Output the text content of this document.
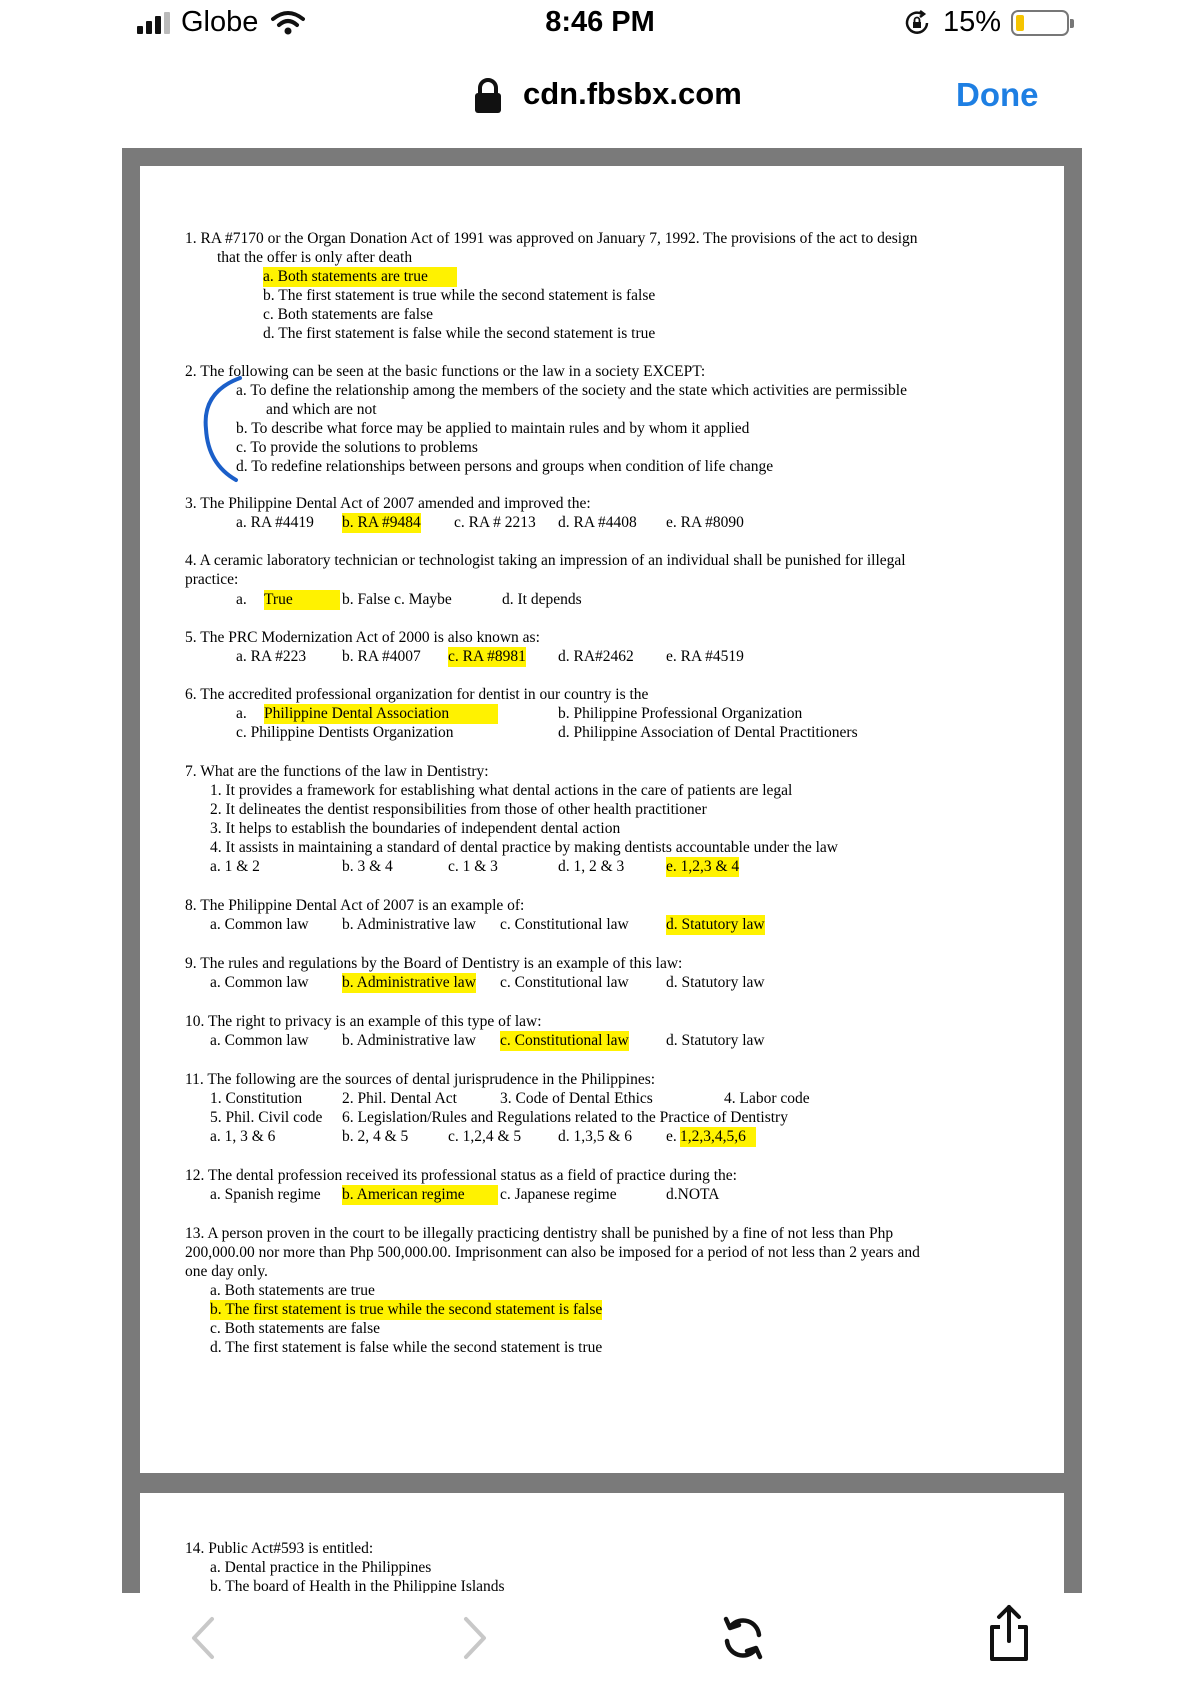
Globe	8:46 PM	15%
cdn.fbsbx.com	Done
1. RA #7170 or the Organ Donation Act of 1991 was approved on January 7, 1992. The provisions of the act to design
that the offer is only after death
a. Both statements are true
b. The first statement is true while the second statement is false
c. Both statements are false
d. The first statement is false while the second statement is true
2. The following can be seen at the basic functions or the law in a society EXCEPT:
a. To define the relationship among the members of the society and the state which activities are permissible
and which are not
b. To describe what force may be applied to maintain rules and by whom it applied
c. To provide the solutions to problems
d. To redefine relationships between persons and groups when condition of life change
3. The Philippine Dental Act of 2007 amended and improved the:
a. RA #4419 b. RA #9484 c. RA # 2213 d. RA #4408 e. RA #8090
4. A ceramic laboratory technician or technologist taking an impression of an individual shall be punished for illegal
practice:
a. True	b. False c. Maybe	d. It depends
5. The PRC Modernization Act of 2000 is also known as:
a. RA #223 b. RA #4007 c. RA #8981 d. RA#2462 e. RA #4519
6. The accredited professional organization for dentist in our country is the
a. Philippine Dental Association	b. Philippine Professional Organization
c. Philippine Dentists Organization	d. Philippine Association of Dental Practitioners
7. What are the functions of the law in Dentistry:
1. It provides a framework for establishing what dental actions in the care of patients are legal
2. It delineates the dentist responsibilities from those of other health practitioner
3. It helps to establish the boundaries of independent dental action
4. It assists in maintaining a standard of dental practice by making dentists accountable under the law
a. 1 & 2	b. 3 & 4	c. 1 & 3	d. 1, 2 & 3	e. 1,2,3 & 4
8. The Philippine Dental Act of 2007 is an example of:
a. Common law b. Administrative law c. Constitutional law d. Statutory law
9. The rules and regulations by the Board of Dentistry is an example of this law:
a. Common law b. Administrative law c. Constitutional law d. Statutory law
10. The right to privacy is an example of this type of law:
a. Common law b. Administrative law c. Constitutional law d. Statutory law
11. The following are the sources of dental jurisprudence in the Philippines:
1. Constitution	2. Phil. Dental Act	3. Code of Dental Ethics	4. Labor code
5. Phil. Civil code 6. Legislation/Rules and Regulations related to the Practice of Dentistry
a. 1, 3 & 6	b. 2, 4 & 5	c. 1,2,4 & 5 d. 1,3,5 & 6 e. 1,2,3,4,5,6
12. The dental profession received its professional status as a field of practice during the:
a. Spanish regime b. American regime	c. Japanese regime	d.NOTA
13. A person proven in the court to be illegally practicing dentistry shall be punished by a fine of not less than Php
200,000.00 nor more than Php 500,000.00. Imprisonment can also be imposed for a period of not less than 2 years and
one day only.
a. Both statements are true
b. The first statement is true while the second statement is false
c. Both statements are false
d. The first statement is false while the second statement is true
14. Public Act#593 is entitled:
a. Dental practice in the Philippines
b. The board of Health in the Philippine Islands
